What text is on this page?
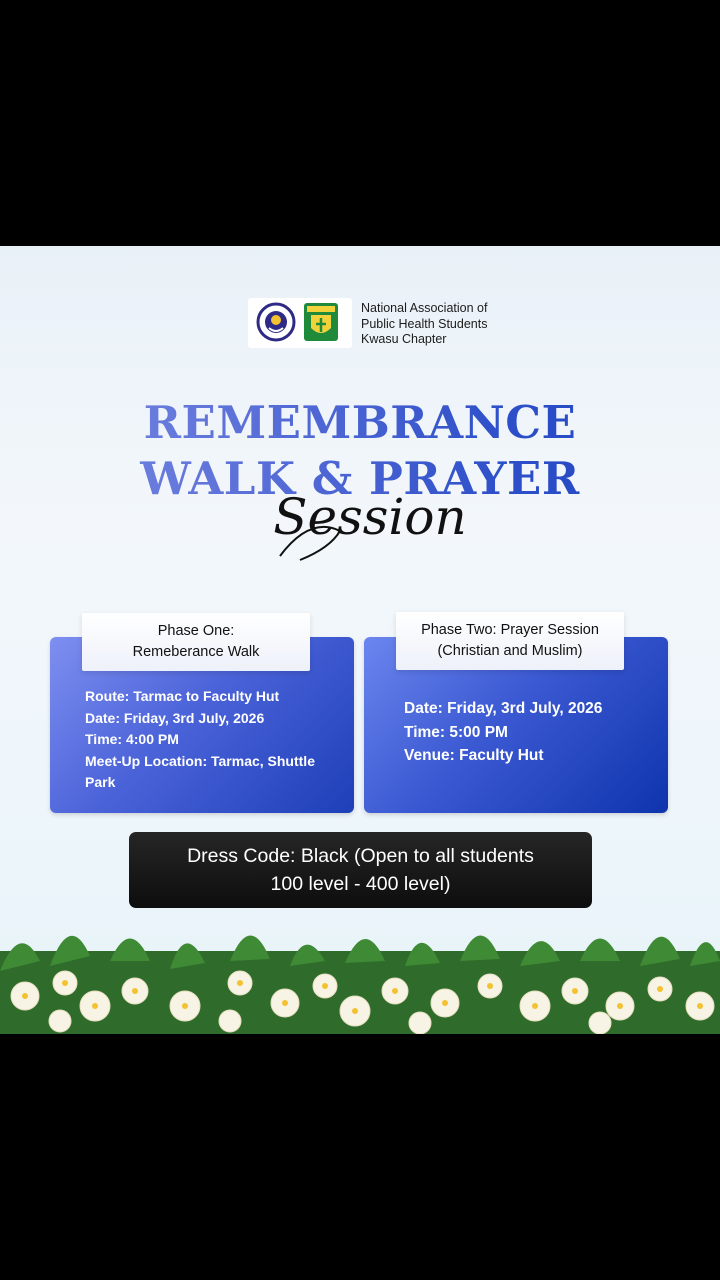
National Association of
Public Health Students
Kwasu Chapter
REMEMBRANCE
WALK & PRAYER
Session
Phase One:
Remeberance Walk
Route: Tarmac to Faculty Hut
Date: Friday, 3rd July, 2026
Time: 4:00 PM
Meet-Up Location: Tarmac, Shuttle
Park
Phase Two: Prayer Session
(Christian and Muslim)
Date: Friday, 3rd July, 2026
Time: 5:00 PM
Venue: Faculty Hut
Dress Code: Black (Open to all students
100 level - 400 level)
